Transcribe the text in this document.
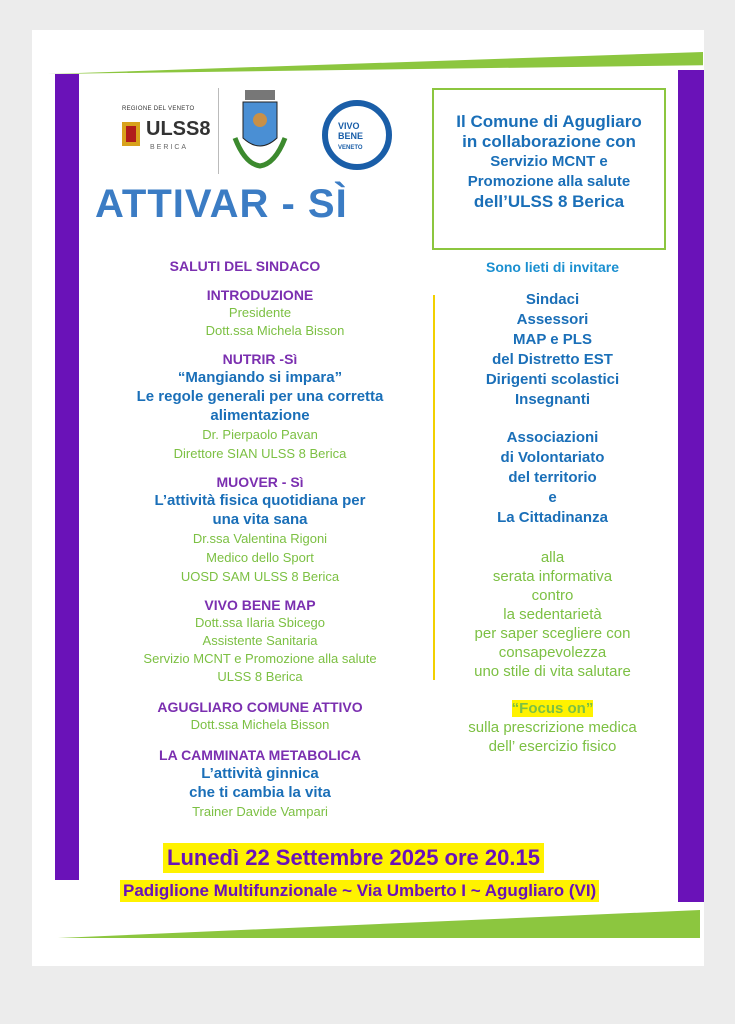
REGIONE DEL VENETO
ULSS8
BERICA
VIVO
BENE
VENETO
ATTIVAR - SÌ
Il Comune di Agugliaro
in collaborazione con
Servizio MCNT e
Promozione alla salute
dell’ULSS 8 Berica
SALUTI DEL SINDACO
INTRODUZIONE
Presidente
Dott.ssa Michela Bisson
NUTRIR -Sì
“Mangiando si impara”
Le regole generali per una corretta
alimentazione
Dr. Pierpaolo Pavan
Direttore SIAN ULSS 8 Berica
MUOVER - Sì
L’attività fisica quotidiana per
una vita sana
Dr.ssa Valentina Rigoni
Medico dello Sport
UOSD SAM ULSS 8 Berica
VIVO BENE MAP
Dott.ssa Ilaria Sbicego
Assistente Sanitaria
Servizio MCNT e Promozione alla salute
ULSS 8 Berica
AGUGLIARO COMUNE ATTIVO
Dott.ssa Michela Bisson
LA CAMMINATA METABOLICA
L’attività ginnica
che ti cambia la vita
Trainer Davide Vampari
Sono lieti di invitare
Sindaci
Assessori
MAP e PLS
del Distretto EST
Dirigenti scolastici
Insegnanti
Associazioni
di Volontariato
del territorio
e
La Cittadinanza
alla
serata informativa
contro
la sedentarietà
per saper scegliere con
consapevolezza
uno stile di vita salutare
“Focus on”
sulla prescrizione medica
dell’ esercizio fisico
Lunedì 22 Settembre 2025 ore 20.15
Padiglione Multifunzionale ~ Via Umberto I ~ Agugliaro (VI)
